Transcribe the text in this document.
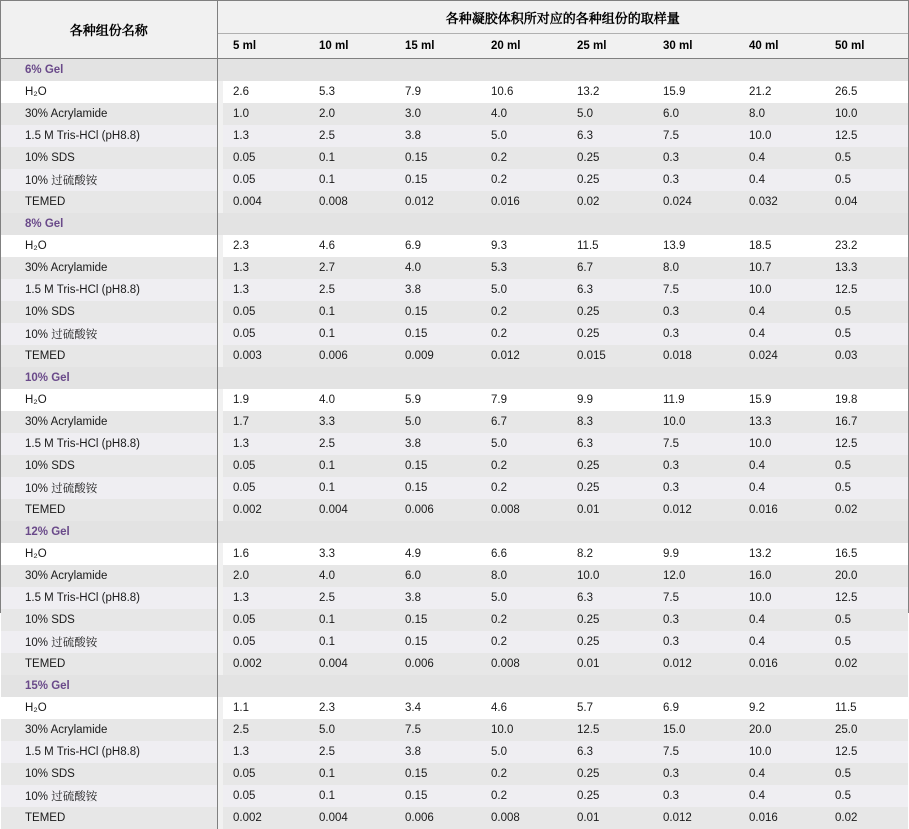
各种组份名称	各种凝胶体积所对应的各种组份的取样量								
		5 ml	10 ml	15 ml	20 ml	25 ml	30 ml	40 ml	50 ml
6% Gel									
H₂O		2.6	5.3	7.9	10.6	13.2	15.9	21.2	26.5
30% Acrylamide		1.0	2.0	3.0	4.0	5.0	6.0	8.0	10.0
1.5 M Tris-HCl (pH8.8)		1.3	2.5	3.8	5.0	6.3	7.5	10.0	12.5
10% SDS		0.05	0.1	0.15	0.2	0.25	0.3	0.4	0.5
10% 过硫酸铵		0.05	0.1	0.15	0.2	0.25	0.3	0.4	0.5
TEMED		0.004	0.008	0.012	0.016	0.02	0.024	0.032	0.04
8% Gel									
H₂O		2.3	4.6	6.9	9.3	11.5	13.9	18.5	23.2
30% Acrylamide		1.3	2.7	4.0	5.3	6.7	8.0	10.7	13.3
1.5 M Tris-HCl (pH8.8)		1.3	2.5	3.8	5.0	6.3	7.5	10.0	12.5
10% SDS		0.05	0.1	0.15	0.2	0.25	0.3	0.4	0.5
10% 过硫酸铵		0.05	0.1	0.15	0.2	0.25	0.3	0.4	0.5
TEMED		0.003	0.006	0.009	0.012	0.015	0.018	0.024	0.03
10% Gel									
H₂O		1.9	4.0	5.9	7.9	9.9	11.9	15.9	19.8
30% Acrylamide		1.7	3.3	5.0	6.7	8.3	10.0	13.3	16.7
1.5 M Tris-HCl (pH8.8)		1.3	2.5	3.8	5.0	6.3	7.5	10.0	12.5
10% SDS		0.05	0.1	0.15	0.2	0.25	0.3	0.4	0.5
10% 过硫酸铵		0.05	0.1	0.15	0.2	0.25	0.3	0.4	0.5
TEMED		0.002	0.004	0.006	0.008	0.01	0.012	0.016	0.02
12% Gel									
H₂O		1.6	3.3	4.9	6.6	8.2	9.9	13.2	16.5
30% Acrylamide		2.0	4.0	6.0	8.0	10.0	12.0	16.0	20.0
1.5 M Tris-HCl (pH8.8)		1.3	2.5	3.8	5.0	6.3	7.5	10.0	12.5
10% SDS		0.05	0.1	0.15	0.2	0.25	0.3	0.4	0.5
10% 过硫酸铵		0.05	0.1	0.15	0.2	0.25	0.3	0.4	0.5
TEMED		0.002	0.004	0.006	0.008	0.01	0.012	0.016	0.02
15% Gel									
H₂O		1.1	2.3	3.4	4.6	5.7	6.9	9.2	11.5
30% Acrylamide		2.5	5.0	7.5	10.0	12.5	15.0	20.0	25.0
1.5 M Tris-HCl (pH8.8)		1.3	2.5	3.8	5.0	6.3	7.5	10.0	12.5
10% SDS		0.05	0.1	0.15	0.2	0.25	0.3	0.4	0.5
10% 过硫酸铵		0.05	0.1	0.15	0.2	0.25	0.3	0.4	0.5
TEMED		0.002	0.004	0.006	0.008	0.01	0.012	0.016	0.02
